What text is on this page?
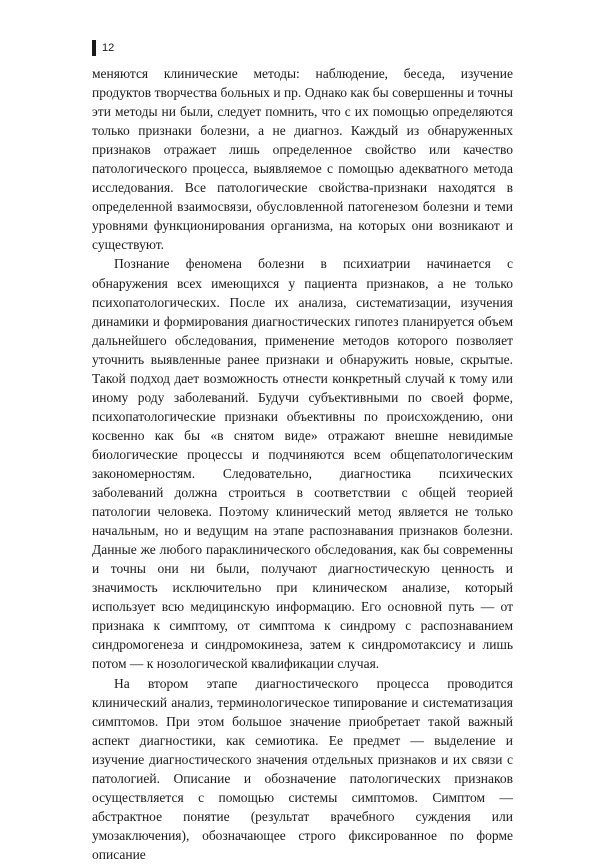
12

меняются клинические методы: наблюдение, беседа, изучение продуктов творчества больных и пр. Однако как бы совершенны и точны эти методы ни были, следует помнить, что с их помощью определяются только признаки болезни, а не диагноз. Каждый из обнаруженных признаков отражает лишь определенное свойство или качество патологического процесса, выявляемое с помощью адекватного метода исследования. Все патологические свойства-признаки находятся в определенной взаимосвязи, обусловленной патогенезом болезни и теми уровнями функционирования организма, на которых они возникают и существуют.

Познание феномена болезни в психиатрии начинается с обнаружения всех имеющихся у пациента признаков, а не только психопатологических. После их анализа, систематизации, изучения динамики и формирования диагностических гипотез планируется объем дальнейшего обследования, применение методов которого позволяет уточнить выявленные ранее признаки и обнаружить новые, скрытые. Такой подход дает возможность отнести конкретный случай к тому или иному роду заболеваний. Будучи субъективными по своей форме, психопатологические признаки объективны по происхождению, они косвенно как бы «в снятом виде» отражают внешне невидимые биологические процессы и подчиняются всем общепатологическим закономерностям. Следовательно, диагностика психических заболеваний должна строиться в соответствии с общей теорией патологии человека. Поэтому клинический метод является не только начальным, но и ведущим на этапе распознавания признаков болезни. Данные же любого параклинического обследования, как бы современны и точны они ни были, получают диагностическую ценность и значимость исключительно при клиническом анализе, который использует всю медицинскую информацию. Его основной путь — от признака к симптому, от симптома к синдрому с распознаванием синдромогенеза и синдромокинеза, затем к синдромотаксису и лишь потом — к нозологической квалификации случая.

На втором этапе диагностического процесса проводится клинический анализ, терминологическое типирование и систематизация симптомов. При этом большое значение приобретает такой важный аспект диагностики, как семиотика. Ее предмет — выделение и изучение диагностического значения отдельных признаков и их связи с патологией. Описание и обозначение патологических признаков осуществляется с помощью системы симптомов. Симптом — абстрактное понятие (результат врачебного суждения или умозаключения), обозначающее строго фиксированное по форме описание
